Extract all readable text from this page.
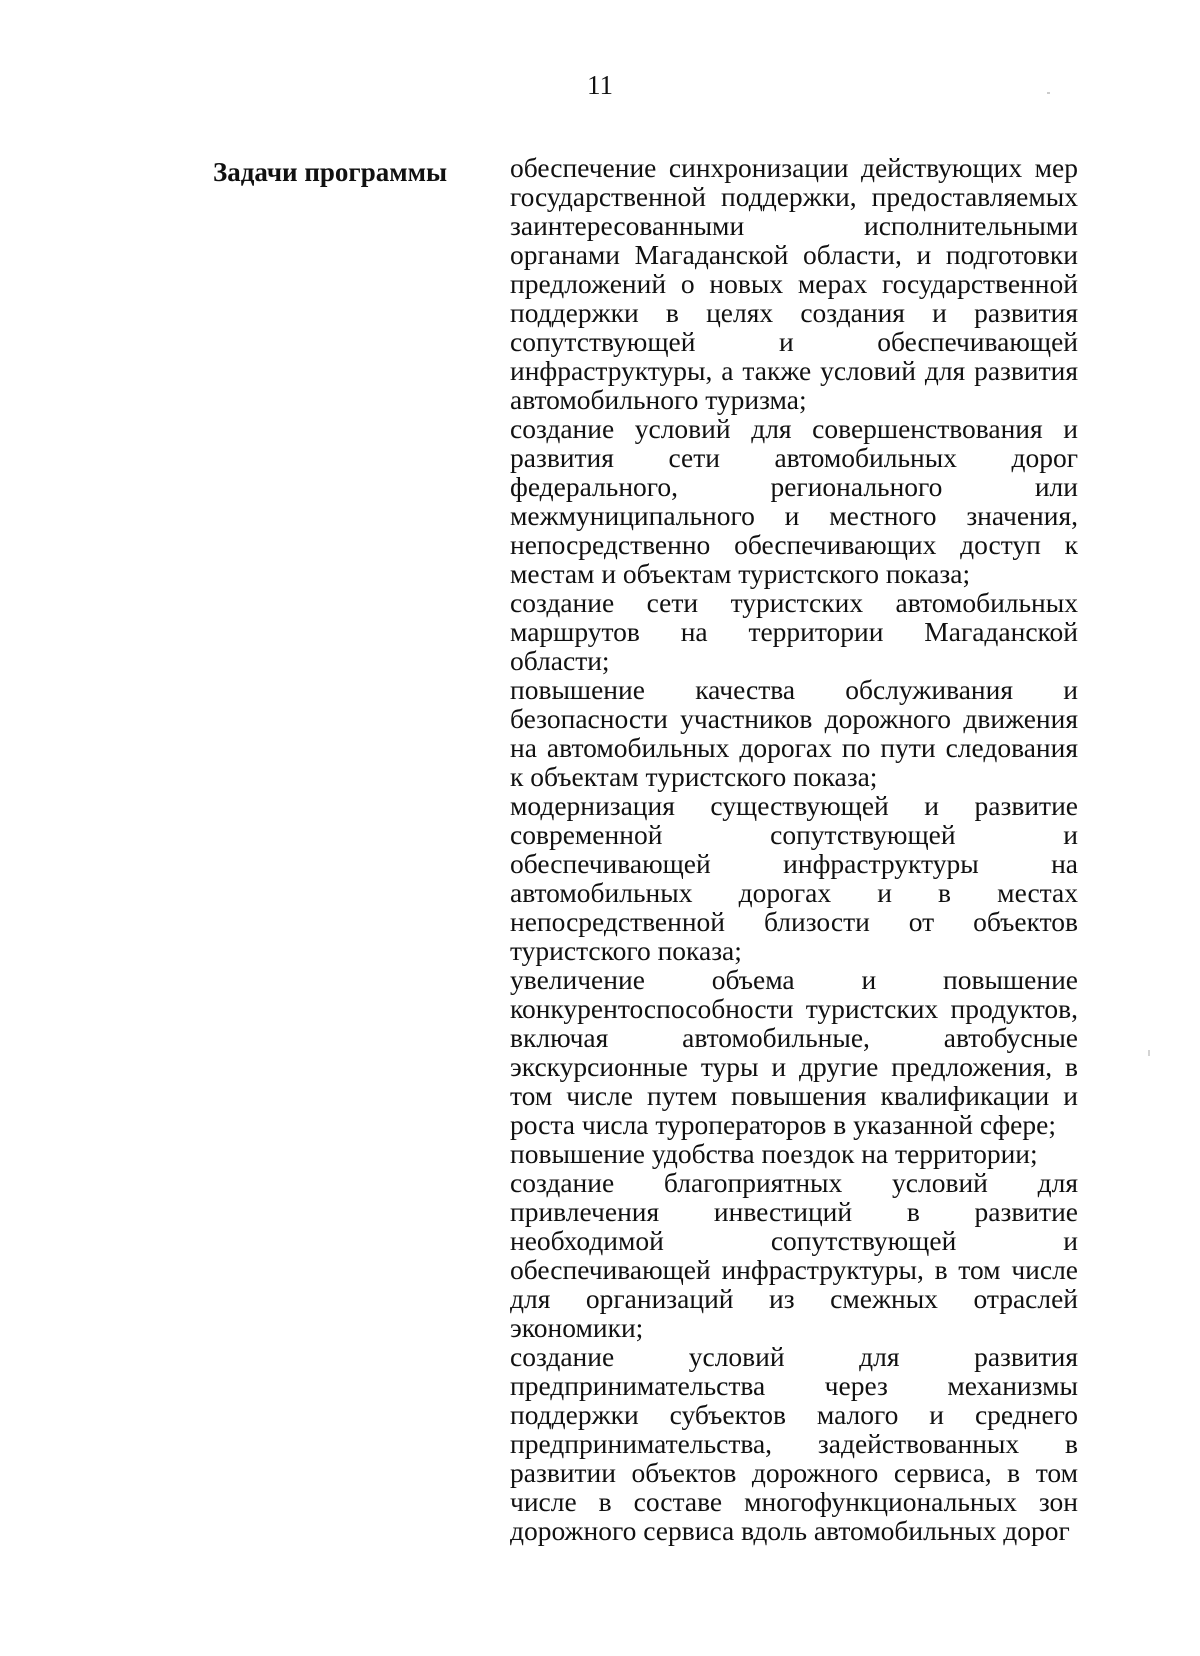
11
Задачи программы обеспечение синхронизации действующих мер государственной поддержки, предоставляемых заинтересованными исполнительными органами Магаданской области, и подготовки предложений о новых мерах государственной поддержки в целях создания и развития сопутствующей и обеспечивающей инфраструктуры, а также условий для развития автомобильного туризма;

создание условий для совершенствования и развития сети автомобильных дорог федерального, регионального или межмуниципального и местного значения, непосредственно обеспечивающих доступ к местам и объектам туристского показа;

создание сети туристских автомобильных маршрутов на территории Магаданской области;

повышение качества обслуживания и безопасности участников дорожного движения на автомобильных дорогах по пути следования к объектам туристского показа;

модернизация существующей и развитие современной сопутствующей и обеспечивающей инфраструктуры на автомобильных дорогах и в местах непосредственной близости от объектов туристского показа;

увеличение объема и повышение конкурентоспособности туристских продуктов, включая автомобильные, автобусные экскурсионные туры и другие предложения, в том числе путем повышения квалификации и роста числа туроператоров в указанной сфере;

повышение удобства поездок на территории;

создание благоприятных условий для привлечения инвестиций в развитие необходимой сопутствующей и обеспечивающей инфраструктуры, в том числе для организаций из смежных отраслей экономики;

создание условий для развития предпринимательства через механизмы поддержки субъектов малого и среднего предпринимательства, задействованных в развитии объектов дорожного сервиса, в том числе в составе многофункциональных зон дорожного сервиса вдоль автомобильных дорог
